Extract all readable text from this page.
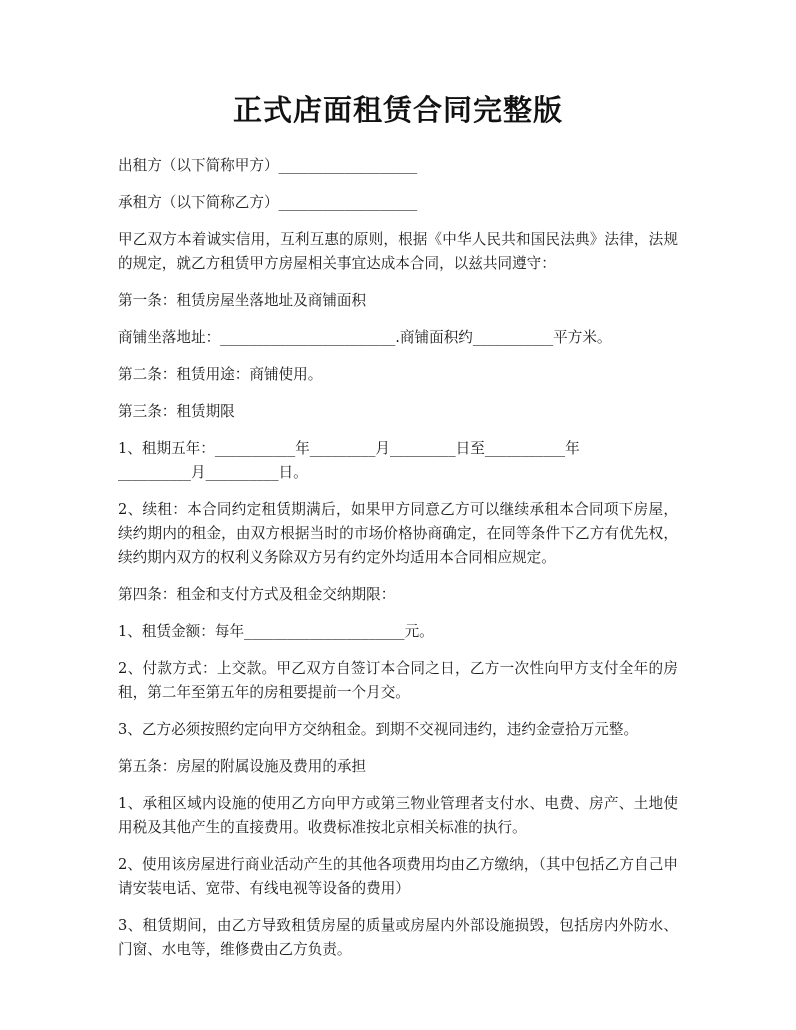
正式店面租赁合同完整版

出租方（以下简称甲方）___________________

承租方（以下简称乙方）___________________

甲乙双方本着诚实信用，互利互惠的原则，根据《中华人民共和国民法典》法律，法规的规定，就乙方租赁甲方房屋相关事宜达成本合同，以兹共同遵守：

第一条：租赁房屋坐落地址及商铺面积

商铺坐落地址：________________________.商铺面积约___________平方米。

第二条：租赁用途：商铺使用。

第三条：租赁期限

1、租期五年：___________年_________月_________日至___________年
__________月__________日。

2、续租：本合同约定租赁期满后，如果甲方同意乙方可以继续承租本合同项下房屋，续约期内的租金，由双方根据当时的市场价格协商确定，在同等条件下乙方有优先权，续约期内双方的权利义务除双方另有约定外均适用本合同相应规定。

第四条：租金和支付方式及租金交纳期限：

1、租赁金额：每年______________________元。

2、付款方式：上交款。甲乙双方自签订本合同之日，乙方一次性向甲方支付全年的房租，第二年至第五年的房租要提前一个月交。

3、乙方必须按照约定向甲方交纳租金。到期不交视同违约，违约金壹拾万元整。

第五条：房屋的附属设施及费用的承担

1、承租区域内设施的使用乙方向甲方或第三物业管理者支付水、电费、房产、土地使用税及其他产生的直接费用。收费标准按北京相关标准的执行。

2、使用该房屋进行商业活动产生的其他各项费用均由乙方缴纳，（其中包括乙方自己申请安装电话、宽带、有线电视等设备的费用）

3、租赁期间，由乙方导致租赁房屋的质量或房屋内外部设施损毁，包括房内外防水、门窗、水电等，维修费由乙方负责。
